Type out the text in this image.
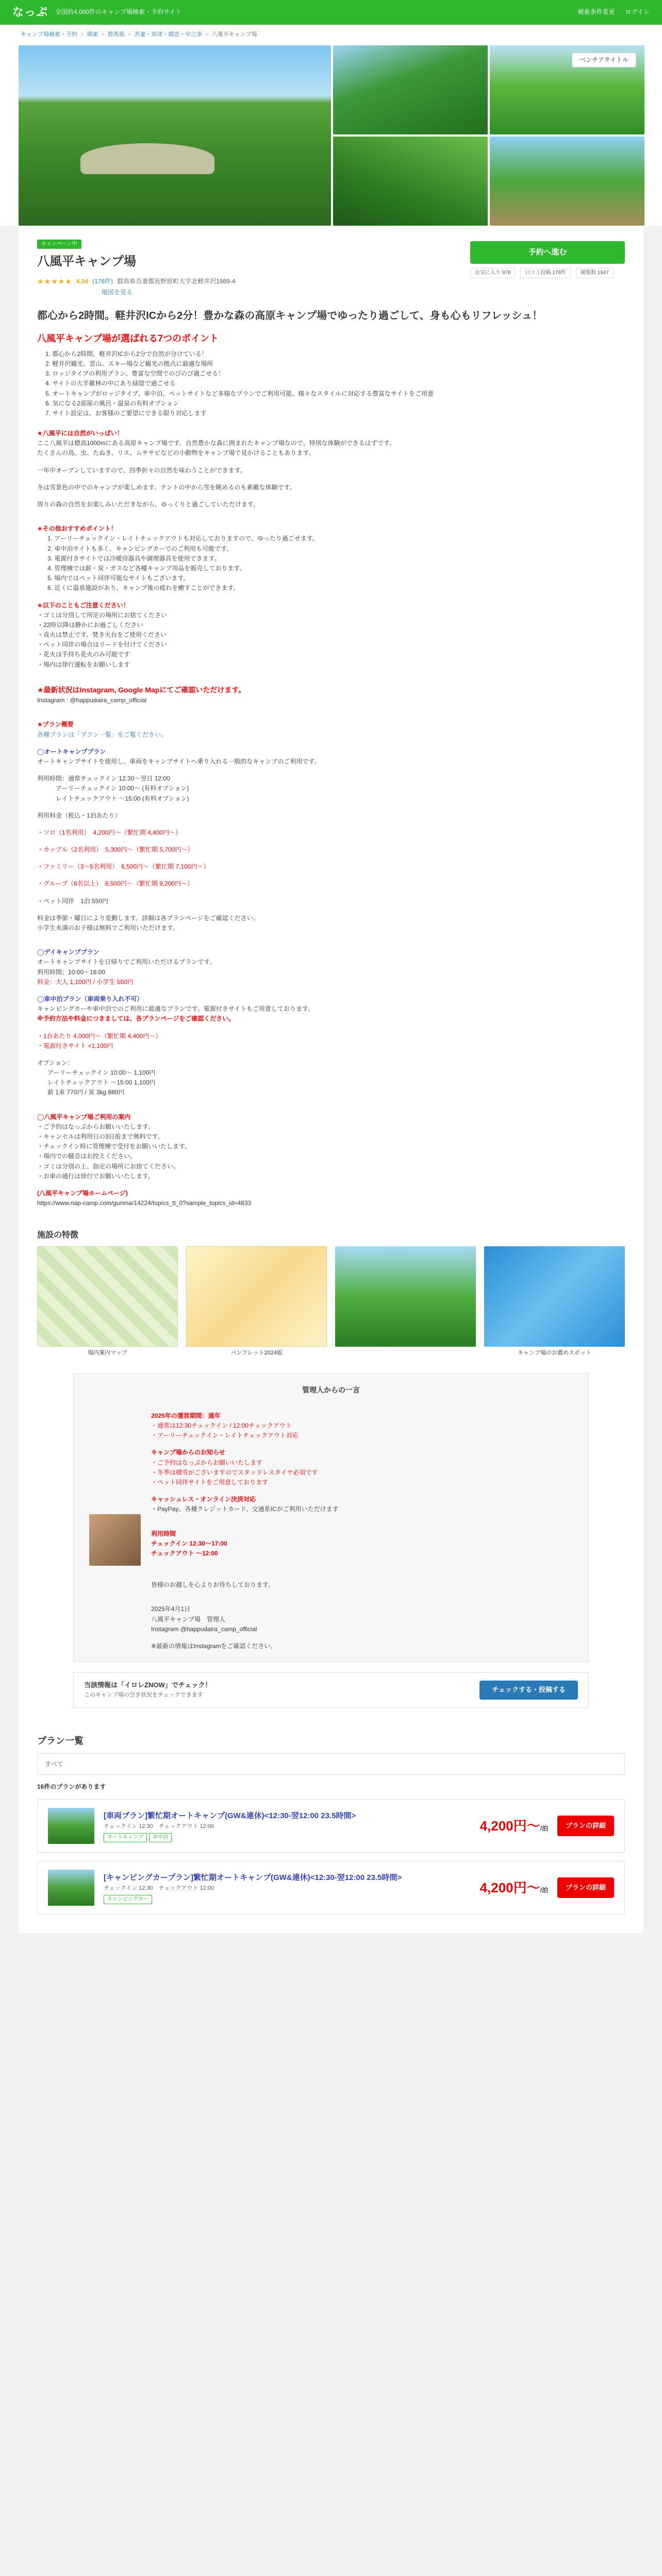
なっぷ 全国約4,000件のキャンプ場検索・予約サイト	検索条件変更 ログイン
キャンプ場検索・予約 > 関東 > 群馬県 > 吾妻・草津・嬬恋・中之条 > 八風平キャンプ場
ベンチアタイトル
キャンペーン中
八風平キャンプ場
★★★★★ 4.34 (176件) 群馬県吾妻郡長野原町大字北軽井沢1989-4
地図を見る
予約へ進む
お気に入り 978	口コミ投稿 176件	閲覧数 1947
都心から2時間。軽井沢ICから2分！豊かな森の高原キャンプ場でゆったり過ごして、身も心もリフレッシュ！
八風平キャンプ場が選ばれる7つのポイント
1. 都心から2時間、軽井沢ICから2分で自然が分けている！
2. 軽井沢観光、雲山、スキー場など観光の拠点に最適な場所
3. ロッジタイプの利用プラン、豊富な空間でのびのび過ごせる！
4. サイトの大半雑林の中にあり緑陰で過ごせる
5. オートキャンプがロッジタイプ、車中泊、ペットサイトなど多様なプランでご利用可能、様々なスタイルに対応する豊富なサイトをご用意
6. 気になる2部屋の風呂・温泉の有料オプション
7. サイト設定は、お客様のご要望にできる限り対応します

★八風平には自然がいっぱい！

ここ八風平は標高1000mにある高原キャンプ場です。自然豊かな森に囲まれたキャンプ場なので、特別な体験ができるはずです。

たくさんの鳥、虫、たぬき、リス、ムササビなどの小動物をキャンプ場で見かけることもあります。

一年中オープンしていますので、四季折々の自然を味わうことができます。

冬は雪景色の中でのキャンプが楽しめます。テントの中から雪を眺めるのも素敵な体験です。

周りの森の自然をお楽しみいただきながら、ゆっくりと過ごしていただけます。

★その他おすすめポイント！

1. アーリーチェックイン・レイトチェックアウトも対応しておりますので、ゆったり過ごせます。

2. 車中泊サイトも多く、キャンピングカーでのご利用も可能です。

3. 電源付きサイトでは冷暖房器具や調理器具を使用できます。

4. 管理棟では薪・炭・ガスなど各種キャンプ用品を販売しております。

5. 場内ではペット同伴可能なサイトもございます。

6. 近くに温泉施設があり、キャンプ後の疲れを癒すことができます。

★以下のこともご注意ください！

・ゴミは分別して所定の場所にお捨てください

・22時以降は静かにお過ごしください

・直火は禁止です。焚き火台をご使用ください

・ペット同伴の場合はリードを付けてください

・花火は手持ち花火のみ可能です

・場内は徐行運転をお願いします

★最新状況はInstagram, Google Mapにてご確認いただけます。

Instagram : @happudaira_camp_official

★プラン概要

各種プランは「プラン一覧」をご覧ください。

◯オートキャンププラン

オートキャンプサイトを使用し、車両をキャンプサイトへ乗り入れる一般的なキャンプのご利用です。

利用時間：通常チェックイン 12:30〜翌日 12:00

アーリーチェックイン 10:00〜 (有料オプション)

レイトチェックアウト 〜15:00 (有料オプション)

利用料金（税込・1泊あたり）

・ソロ（1名利用）　4,200円〜（繁忙期 4,400円〜）

・カップル（2名利用）　5,300円〜（繁忙期 5,700円〜）

・ファミリー（3〜5名利用）　6,500円〜（繁忙期 7,100円〜）

・グループ（6名以上）　8,500円〜（繁忙期 9,200円〜）

・ペット同伴　1泊 550円

料金は季節・曜日により変動します。詳細は各プランページをご確認ください。

小学生未満のお子様は無料でご利用いただけます。

◯デイキャンププラン

オートキャンプサイトを日帰りでご利用いただけるプランです。

利用時間：10:00〜16:00

料金：大人 1,100円 / 小学生 550円

◯車中泊プラン（車両乗り入れ不可）

キャンピングカーや車中泊でのご利用に最適なプランです。電源付きサイトもご用意しております。

※予約方法や料金につきましては、各プランページをご確認ください。

・1台あたり 4,000円〜（繁忙期 4,400円〜）

・電源付きサイト +1,100円

オプション：

アーリーチェックイン 10:00〜 1,100円

レイトチェックアウト 〜15:00 1,100円

薪 1束 770円 / 炭 3kg 880円

◯八風平キャンプ場ご利用の案内

・ご予約はなっぷからお願いいたします。

・キャンセルは利用日の3日前まで無料です。

・チェックイン時に管理棟で受付をお願いいたします。

・場内での騒音はお控えください。

・ゴミは分別の上、指定の場所にお捨てください。

・お車の通行は徐行でお願いいたします。

(八風平キャンプ場ホームページ)

https://www.nap-camp.com/gunma/14224/topics_tt_0?sample_topics_id=4833

施設の特徴
場内案内マップ	パンフレット2024版	キャンプ場のお薦めスポット
管理人からの一言

2025年の運営期間：通年

・通常は12:30チェックイン / 12:00チェックアウト

・アーリーチェックイン・レイトチェックアウト対応

キャンプ場からのお知らせ

・ご予約はなっぷからお願いいたします

・冬季は積雪がございますのでスタッドレスタイヤ必須です

・ペット同伴サイトをご用意しております

キャッシュレス・オンライン決済対応

・PayPay、各種クレジットカード、交通系ICがご利用いただけます

利用時間

チェックイン 12:30〜17:00

チェックアウト 〜12:00

皆様のお越しを心よりお待ちしております。

2025年4月1日

八風平キャンプ場　管理人

Instagram @happudaira_camp_official

※最新の情報はInstagramをご確認ください。

当該情報は「イロレZNOW」でチェック！
このキャンプ場の空き状況をチェックできます
チェックする・投稿する
プラン一覧
すべて
16件のプランがあります
[車両プラン]繁忙期オートキャンプ(GW&連休)<12:30-翌12:00 23.5時間>
チェックイン 12:30　チェックアウト 12:00
オートキャンプ 車中泊
4,200円〜/泊	プランの詳細
[キャンピングカープラン]繁忙期オートキャンプ(GW&連休)<12:30-翌12:00 23.5時間>
チェックイン 12:30　チェックアウト 12:00
キャンピングカー
4,200円〜/泊	プランの詳細
